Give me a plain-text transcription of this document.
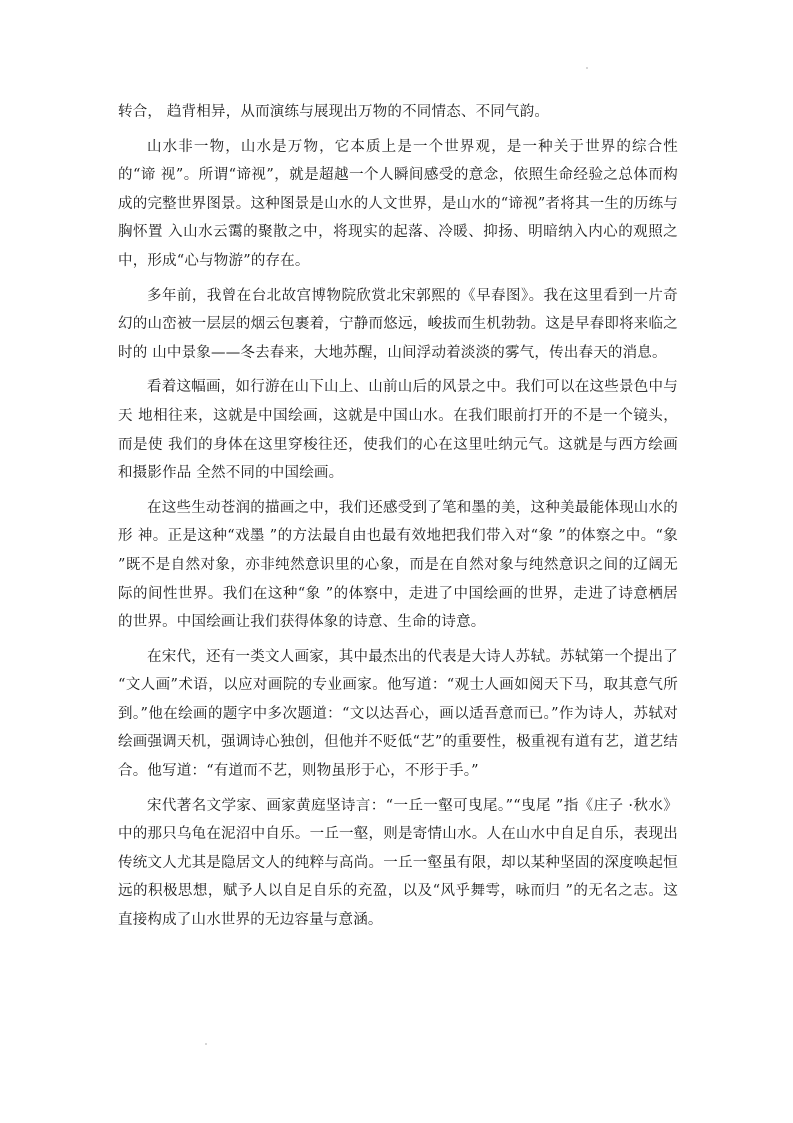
转合， 趋背相异，从而演练与展现出万物的不同情态、不同气韵。

山水非一物，山水是万物，它本质上是一个世界观，是一种关于世界的综合性的“谛 视”。所谓“谛视”，就是超越一个人瞬间感受的意念，依照生命经验之总体而构成的完整世界图景。这种图景是山水的人文世界，是山水的“谛视”者将其一生的历练与胸怀置 入山水云霭的聚散之中，将现实的起落、冷暖、抑扬、明暗纳入内心的观照之中，形成“心与物游”的存在。

多年前，我曾在台北故宫博物院欣赏北宋郭熙的《早春图》。我在这里看到一片奇幻的山峦被一层层的烟云包裹着，宁静而悠远，峻拔而生机勃勃。这是早春即将来临之时的 山中景象——冬去春来，大地苏醒，山间浮动着淡淡的雾气，传出春天的消息。

看着这幅画，如行游在山下山上、山前山后的风景之中。我们可以在这些景色中与天 地相往来，这就是中国绘画，这就是中国山水。在我们眼前打开的不是一个镜头，而是使 我们的身体在这里穿梭往还，使我们的心在这里吐纳元气。这就是与西方绘画和摄影作品 全然不同的中国绘画。

在这些生动苍润的描画之中，我们还感受到了笔和墨的美，这种美最能体现山水的形 神。正是这种“戏墨 ”的方法最自由也最有效地把我们带入对“象 ”的体察之中。“象 ”既不是自然对象，亦非纯然意识里的心象，而是在自然对象与纯然意识之间的辽阔无际的间性世界。我们在这种“象 ”的体察中，走进了中国绘画的世界，走进了诗意栖居的世界。中国绘画让我们获得体象的诗意、生命的诗意。

在宋代，还有一类文人画家，其中最杰出的代表是大诗人苏轼。苏轼第一个提出了 “文人画”术语，以应对画院的专业画家。他写道：“观士人画如阅天下马，取其意气所到。”他在绘画的题字中多次题道：“文以达吾心，画以适吾意而已。”作为诗人，苏轼对绘画强调天机，强调诗心独创，但他并不贬低“艺”的重要性，极重视有道有艺，道艺结合。他写道：“有道而不艺，则物虽形于心，不形于手。”

宋代著名文学家、画家黄庭坚诗言：“一丘一壑可曳尾。”“曳尾 ”指《庄子 ·秋水》 中的那只乌龟在泥沼中自乐。一丘一壑，则是寄情山水。人在山水中自足自乐，表现出传统文人尤其是隐居文人的纯粹与高尚。一丘一壑虽有限，却以某种坚固的深度唤起恒远的积极思想，赋予人以自足自乐的充盈，以及“风乎舞雩，咏而归 ”的无名之志。这直接构成了山水世界的无边容量与意涵。
